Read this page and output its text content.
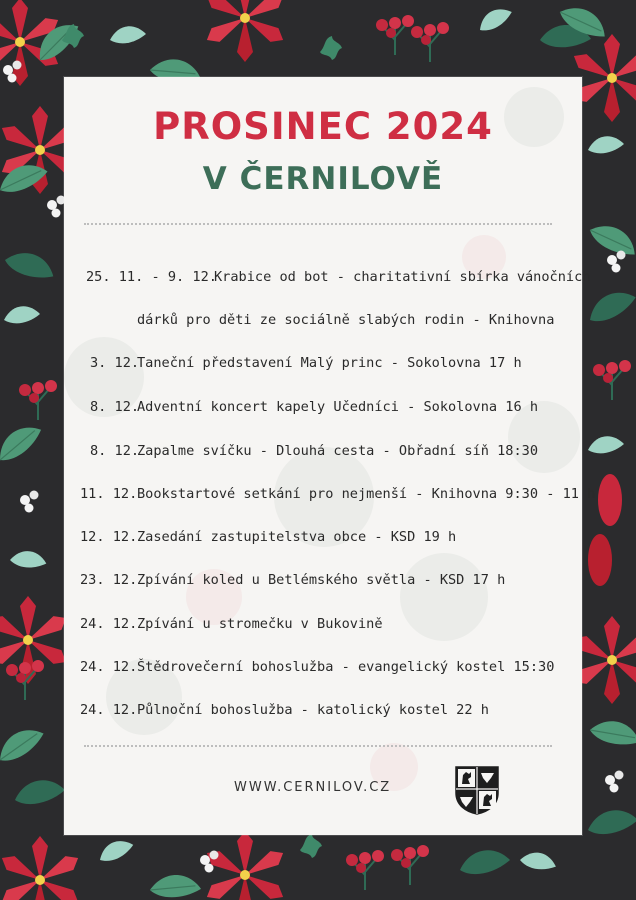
PROSINEC 2024
V ČERNILOVĚ
25. 11. - 9. 12.
Krabice od bot - charitativní sbírka vánočních
dárků pro děti ze sociálně slabých rodin - Knihovna
3. 12.
Taneční představení Malý princ - Sokolovna 17 h
8. 12.
Adventní koncert kapely Učedníci - Sokolovna 16 h
8. 12.
Zapalme svíčku - Dlouhá cesta - Obřadní síň 18:30
11. 12. Bookstartové setkání pro nejmenší - Knihovna 9:30 - 11 h
12. 12. Zasedání zastupitelstva obce - KSD 19 h
23. 12. Zpívání koled u Betlémského světla - KSD 17 h
24. 12. Zpívání u stromečku v Bukovině
24. 12. Štědrovečerní bohoslužba - evangelický kostel 15:30
24. 12. Půlnoční bohoslužba - katolický kostel 22 h
WWW.CERNILOV.CZ
